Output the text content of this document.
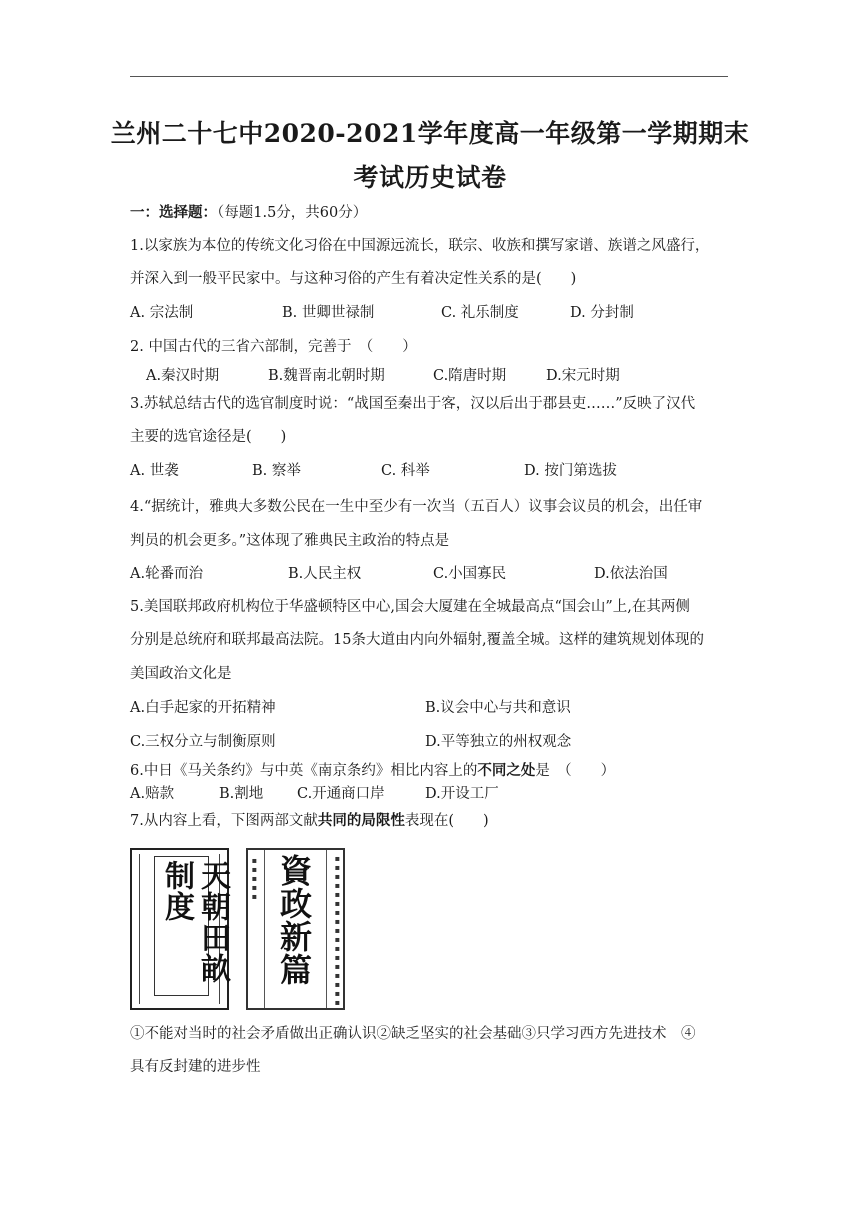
兰州二十七中2020-2021学年度高一年级第一学期期末
考试历史试卷
一：选择题：（每题1.5分，共60分）
1.以家族为本位的传统文化习俗在中国源远流长，联宗、收族和撰写家谱、族谱之风盛行，
并深入到一般平民家中。与这种习俗的产生有着决定性关系的是(　　)
A. 宗法制	B. 世卿世禄制	C. 礼乐制度	D. 分封制
2. 中国古代的三省六部制，完善于　（　　）
A.秦汉时期	B.魏晋南北朝时期	C.隋唐时期	D.宋元时期
3.苏轼总结古代的选官制度时说：“战国至秦出于客，汉以后出于郡县吏……”反映了汉代
主要的选官途径是(　　)
A. 世袭	B. 察举	C. 科举	D. 按门第选拔
4.“据统计，雅典大多数公民在一生中至少有一次当（五百人）议事会议员的机会，出任审
判员的机会更多。”这体现了雅典民主政治的特点是
A.轮番而治	B.人民主权	C.小国寡民	D.依法治国
5.美国联邦政府机构位于华盛顿特区中心,国会大厦建在全城最高点“国会山”上,在其两侧
分别是总统府和联邦最高法院。15条大道由内向外辐射,覆盖全城。这样的建筑规划体现的
美国政治文化是
A.白手起家的开拓精神	B.议会中心与共和意识
C.三权分立与制衡原则	D.平等独立的州权观念
6.中日《马关条约》与中英《南京条约》相比内容上的不同之处是　（　　）
A.赔款	B.割地 C.开通商口岸	D.开设工厂
7.从内容上看，下图两部文献共同的局限性表现在(　　)
天朝田畝制度	▪▪▪▪▪ 資政新篇	▪▪▪▪▪▪▪▪▪▪▪▪▪▪▪▪▪
①不能对当时的社会矛盾做出正确认识②缺乏坚实的社会基础③只学习西方先进技术　④
具有反封建的进步性
